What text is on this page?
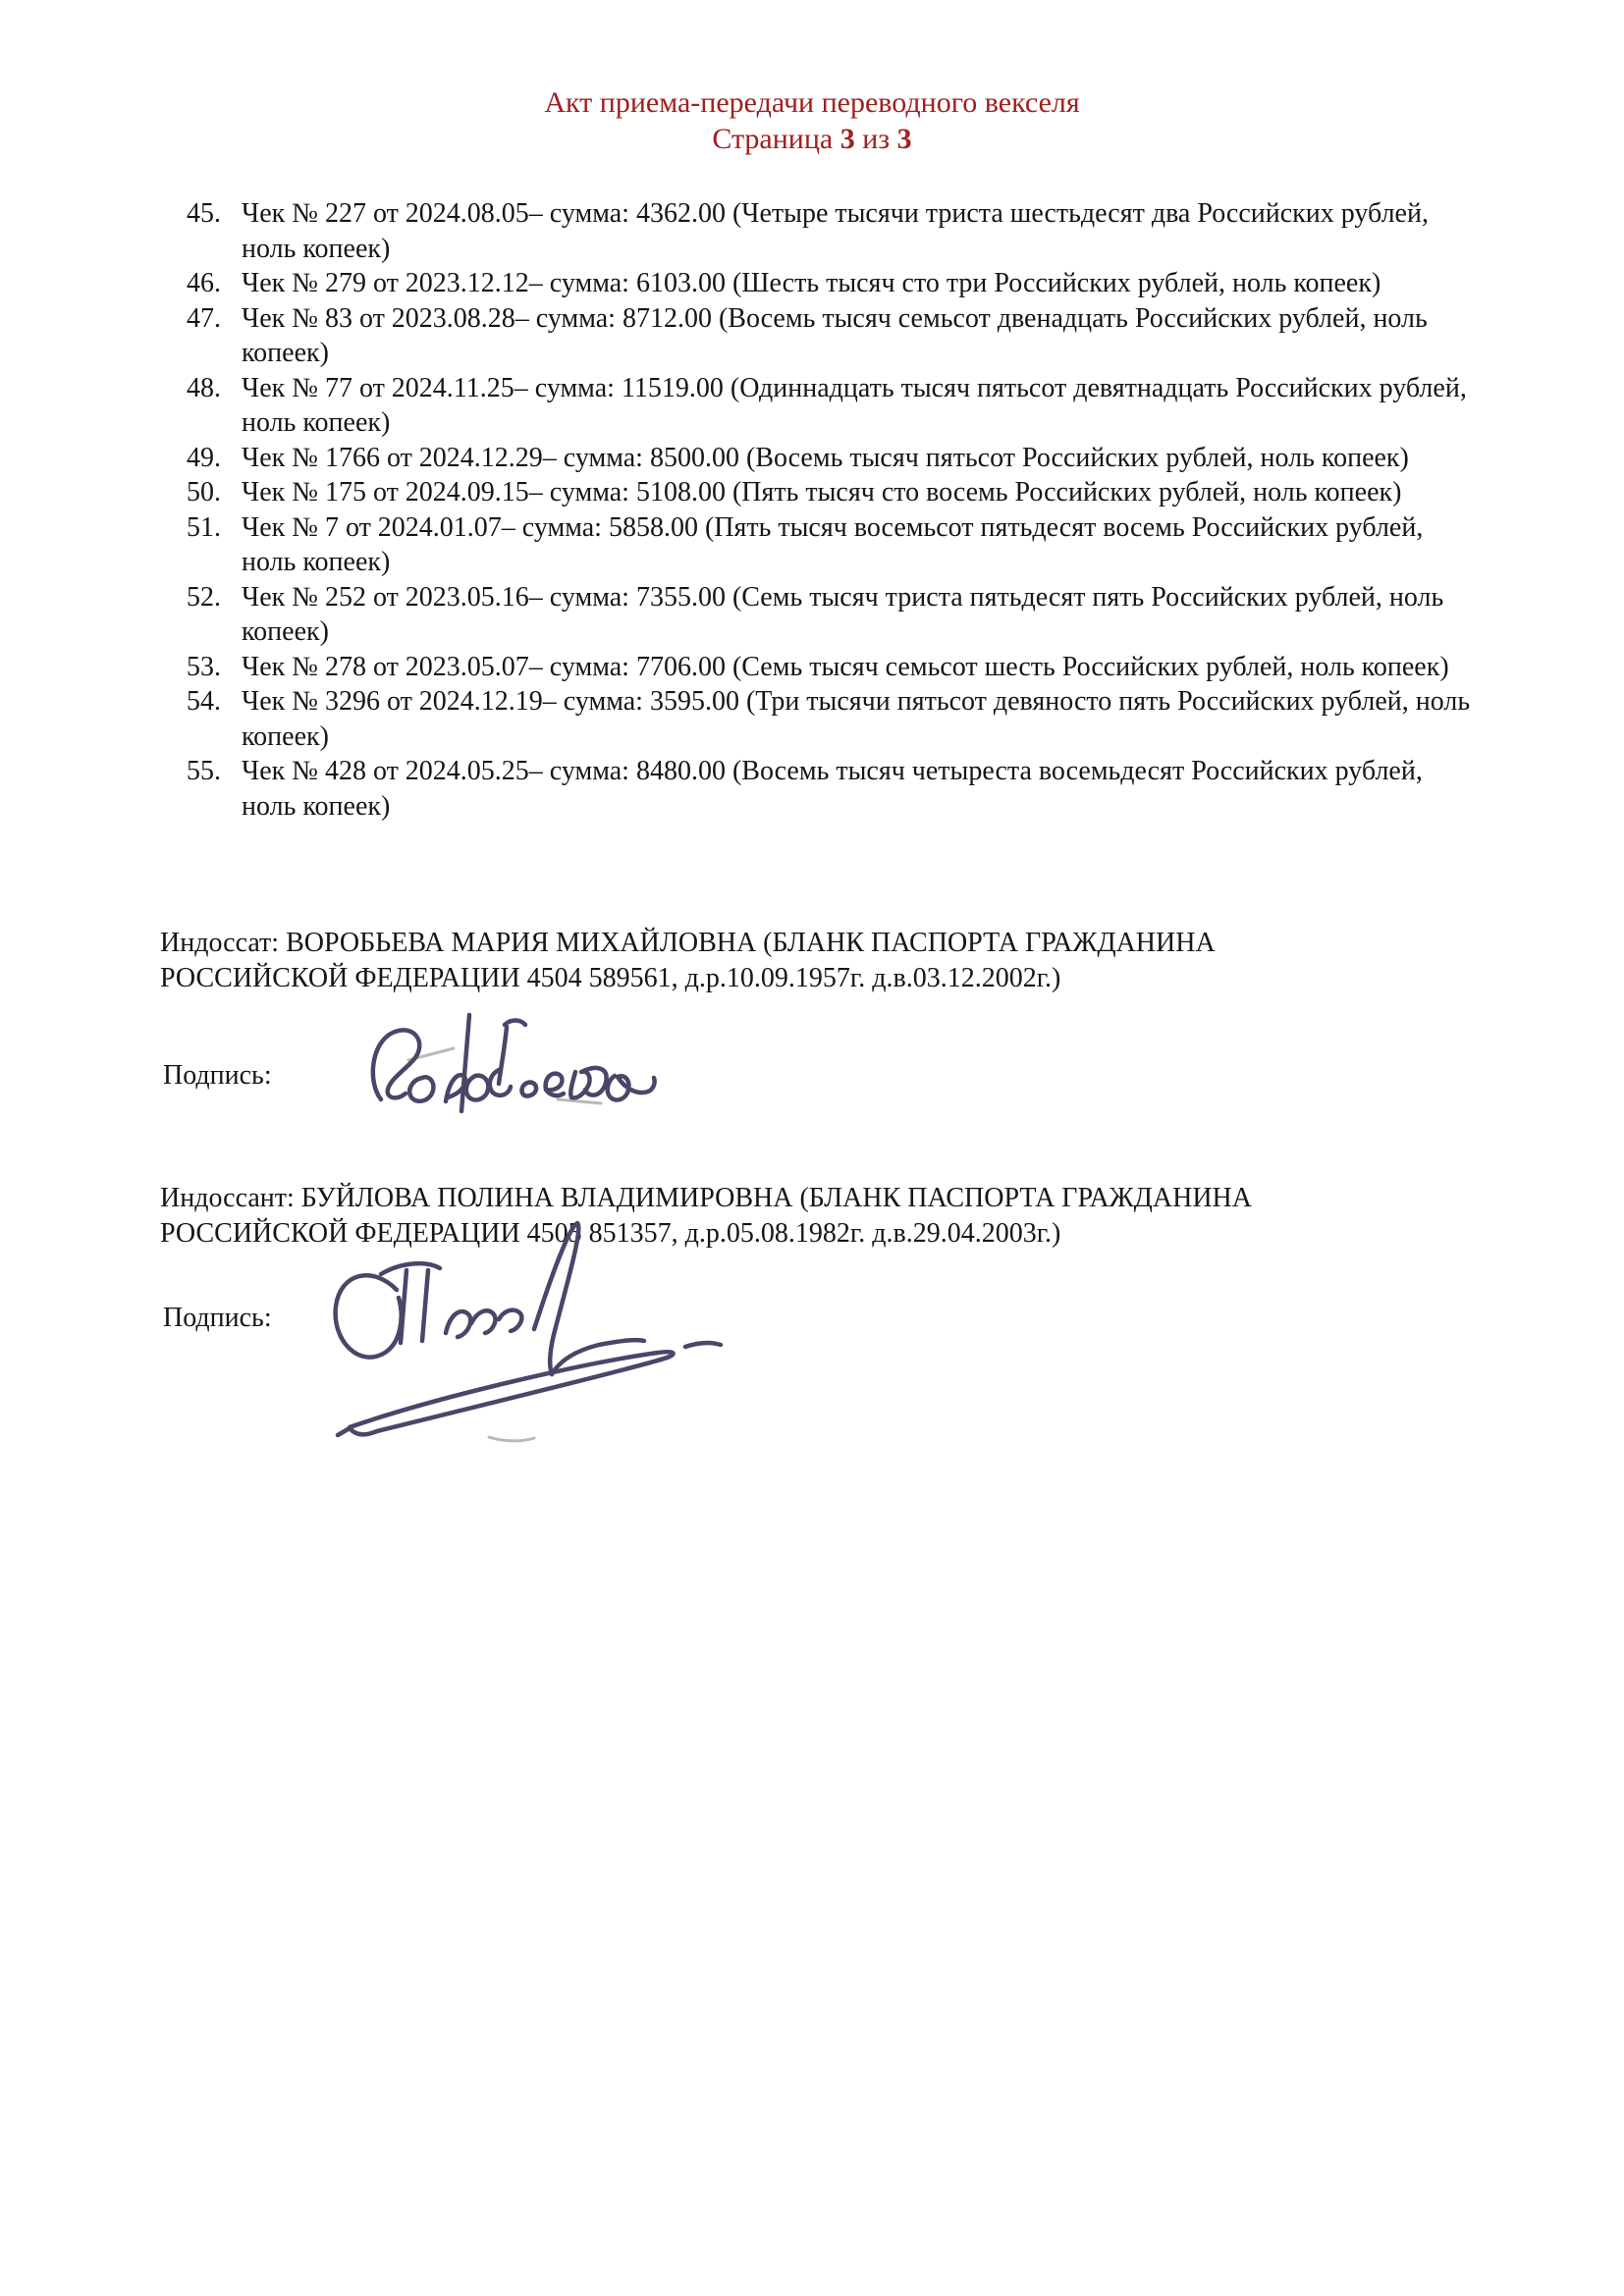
Акт приема-передачи переводного векселя
Страница 3 из 3
45. Чек № 227 от 2024.08.05– сумма: 4362.00 (Четыре тысячи триста шестьдесят два Российских рублей, ноль копеек)
46. Чек № 279 от 2023.12.12– сумма: 6103.00 (Шесть тысяч сто три Российских рублей, ноль копеек)
47. Чек № 83 от 2023.08.28– сумма: 8712.00 (Восемь тысяч семьсот двенадцать Российских рублей, ноль копеек)
48. Чек № 77 от 2024.11.25– сумма: 11519.00 (Одиннадцать тысяч пятьсот девятнадцать Российских рублей, ноль копеек)
49. Чек № 1766 от 2024.12.29– сумма: 8500.00 (Восемь тысяч пятьсот Российских рублей, ноль копеек)
50. Чек № 175 от 2024.09.15– сумма: 5108.00 (Пять тысяч сто восемь Российских рублей, ноль копеек)
51. Чек № 7 от 2024.01.07– сумма: 5858.00 (Пять тысяч восемьсот пятьдесят восемь Российских рублей, ноль копеек)
52. Чек № 252 от 2023.05.16– сумма: 7355.00 (Семь тысяч триста пятьдесят пять Российских рублей, ноль копеек)
53. Чек № 278 от 2023.05.07– сумма: 7706.00 (Семь тысяч семьсот шесть Российских рублей, ноль копеек)
54. Чек № 3296 от 2024.12.19– сумма: 3595.00 (Три тысячи пятьсот девяносто пять Российских рублей, ноль копеек)
55. Чек № 428 от 2024.05.25– сумма: 8480.00 (Восемь тысяч четыреста восемьдесят Российских рублей, ноль копеек)
Индоссат: ВОРОБЬЕВА МАРИЯ МИХАЙЛОВНА (БЛАНК ПАСПОРТА ГРАЖДАНИНА
РОССИЙСКОЙ ФЕДЕРАЦИИ 4504 589561, д.р.10.09.1957г. д.в.03.12.2002г.)
Подпись:
Индоссант: БУЙЛОВА ПОЛИНА ВЛАДИМИРОВНА (БЛАНК ПАСПОРТА ГРАЖДАНИНА
РОССИЙСКОЙ ФЕДЕРАЦИИ 4505 851357, д.р.05.08.1982г. д.в.29.04.2003г.)
Подпись:
